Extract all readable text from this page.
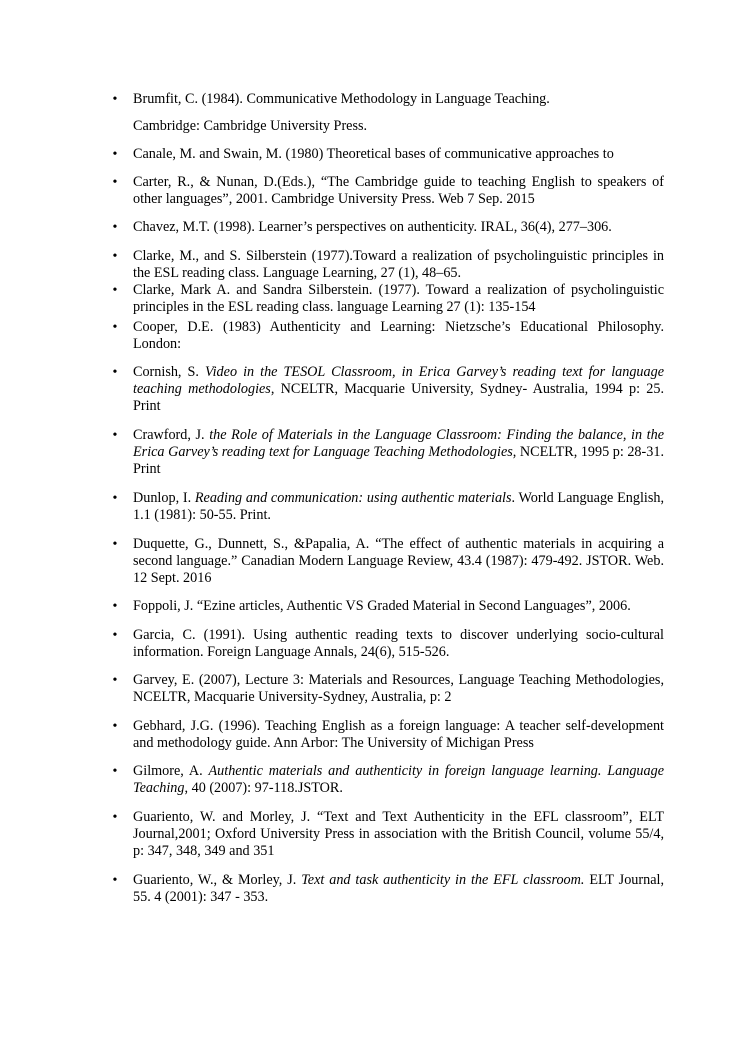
•	Brumfit, C. (1984). Communicative Methodology in Language Teaching.
Cambridge: Cambridge University Press.
•	Canale, M. and Swain, M. (1980) Theoretical bases of communicative approaches to
•	Carter, R., & Nunan, D.(Eds.), “The Cambridge guide to teaching English to speakers of other languages”, 2001. Cambridge University Press. Web 7 Sep. 2015
•	Chavez, M.T. (1998). Learner’s perspectives on authenticity. IRAL, 36(4), 277–306.
•	Clarke, M., and S. Silberstein (1977).Toward a realization of psycholinguistic principles in the ESL reading class. Language Learning, 27 (1), 48–65.
•	Clarke, Mark A. and Sandra Silberstein. (1977). Toward a realization of psycholinguistic principles in the ESL reading class. language Learning 27 (1): 135-154
•	Cooper, D.E. (1983) Authenticity and Learning: Nietzsche’s Educational Philosophy. London:
•	Cornish, S. Video in the TESOL Classroom, in Erica Garvey’s reading text for language teaching methodologies, NCELTR, Macquarie University, Sydney- Australia, 1994 p: 25. Print
•	Crawford, J. the Role of Materials in the Language Classroom: Finding the balance, in the Erica Garvey’s reading text for Language Teaching Methodologies, NCELTR, 1995 p: 28-31. Print
•	Dunlop, I. Reading and communication: using authentic materials. World Language English, 1.1 (1981): 50-55. Print.
•	Duquette, G., Dunnett, S., &Papalia, A. “The effect of authentic materials in acquiring a second language.” Canadian Modern Language Review, 43.4 (1987): 479-492. JSTOR. Web. 12 Sept. 2016
•	Foppoli, J. “Ezine articles, Authentic VS Graded Material in Second Languages”, 2006.
•	Garcia, C. (1991). Using authentic reading texts to discover underlying socio-cultural information. Foreign Language Annals, 24(6), 515-526.
•	Garvey, E. (2007), Lecture 3: Materials and Resources, Language Teaching Methodologies, NCELTR, Macquarie University-Sydney, Australia, p: 2
•	Gebhard, J.G. (1996). Teaching English as a foreign language: A teacher self-development and methodology guide. Ann Arbor: The University of Michigan Press
•	Gilmore, A. Authentic materials and authenticity in foreign language learning. Language Teaching, 40 (2007): 97-118.JSTOR.
•	Guariento, W. and Morley, J. “Text and Text Authenticity in the EFL classroom”, ELT Journal,2001; Oxford University Press in association with the British Council, volume 55/4, p: 347, 348, 349 and 351
•	Guariento, W., & Morley, J. Text and task authenticity in the EFL classroom. ELT Journal, 55. 4 (2001): 347 - 353.
